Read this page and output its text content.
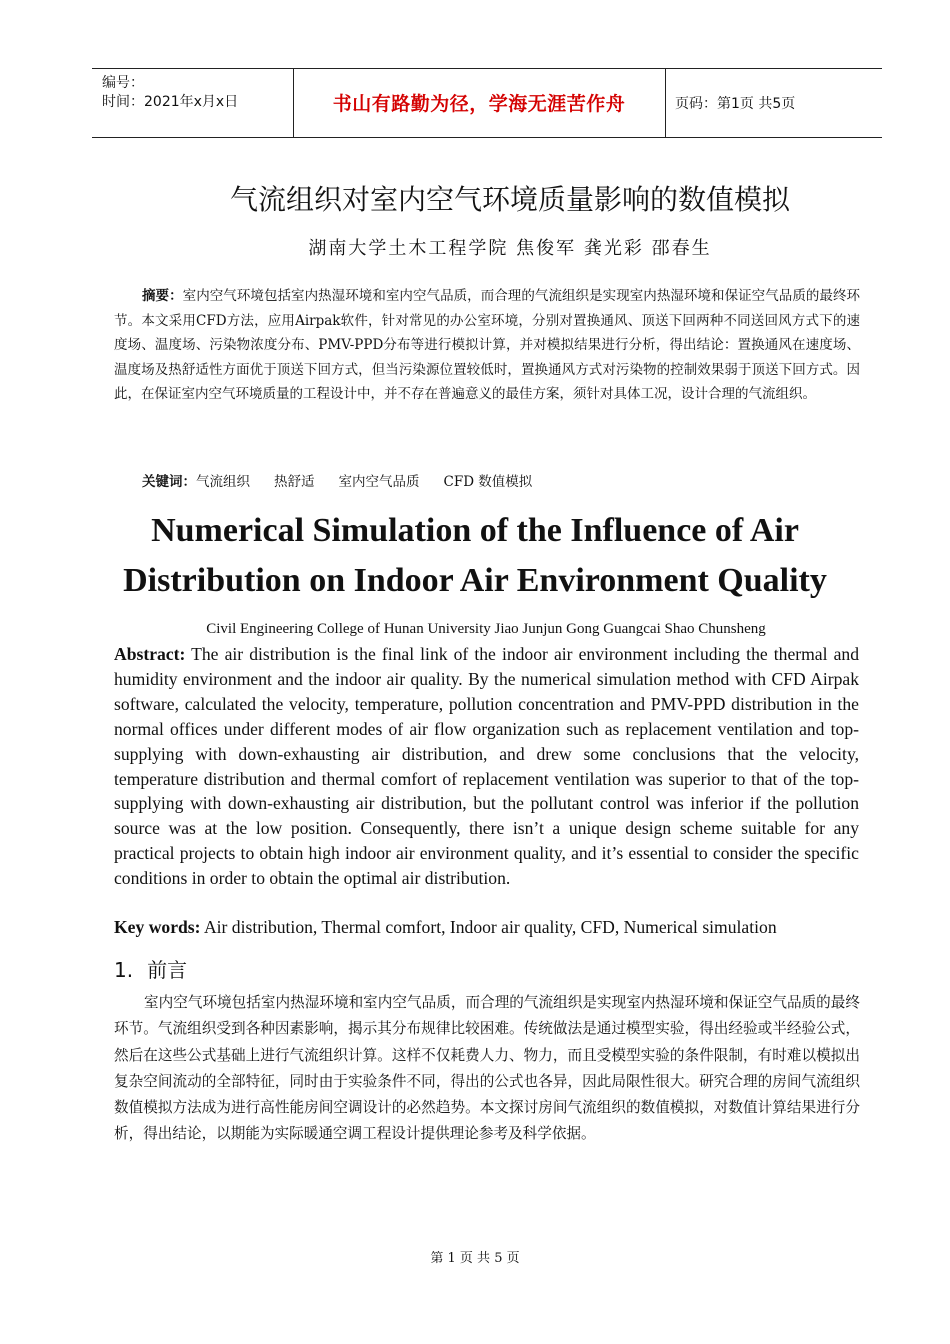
编号：
时间：2021年x月x日	书山有路勤为径，学海无涯苦作舟	页码：第1页 共5页
气流组织对室内空气环境质量影响的数值模拟
湖南大学土木工程学院 焦俊军 龚光彩 邵春生
摘要：室内空气环境包括室内热湿环境和室内空气品质，而合理的气流组织是实现室内热湿环境和保证空气品质的最终环节。本文采用CFD方法，应用Airpak软件，针对常见的办公室环境，分别对置换通风、顶送下回两种不同送回风方式下的速度场、温度场、污染物浓度分布、PMV-PPD分布等进行模拟计算，并对模拟结果进行分析，得出结论：置换通风在速度场、温度场及热舒适性方面优于顶送下回方式，但当污染源位置较低时，置换通风方式对污染物的控制效果弱于顶送下回方式。因此，在保证室内空气环境质量的工程设计中，并不存在普遍意义的最佳方案，须针对具体工况，设计合理的气流组织。
关键词：气流组织 热舒适 室内空气品质 CFD 数值模拟
Numerical Simulation of the Influence of Air Distribution on Indoor Air Environment Quality
Civil Engineering College of Hunan University Jiao Junjun Gong Guangcai Shao Chunsheng
Abstract: The air distribution is the final link of the indoor air environment including the thermal and humidity environment and the indoor air quality. By the numerical simulation method with CFD Airpak software, calculated the velocity, temperature, pollution concentration and PMV-PPD distribution in the normal offices under different modes of air flow organization such as replacement ventilation and top-supplying with down-exhausting air distribution, and drew some conclusions that the velocity, temperature distribution and thermal comfort of replacement ventilation was superior to that of the top-supplying with down-exhausting air distribution, but the pollutant control was inferior if the pollution source was at the low position. Consequently, there isn’t a unique design scheme suitable for any practical projects to obtain high indoor air environment quality, and it’s essential to consider the specific conditions in order to obtain the optimal air distribution.
Key words: Air distribution, Thermal comfort, Indoor air quality, CFD, Numerical simulation
1. 前言
室内空气环境包括室内热湿环境和室内空气品质，而合理的气流组织是实现室内热湿环境和保证空气品质的最终环节。气流组织受到各种因素影响，揭示其分布规律比较困难。传统做法是通过模型实验，得出经验或半经验公式，然后在这些公式基础上进行气流组织计算。这样不仅耗费人力、物力，而且受模型实验的条件限制，有时难以模拟出复杂空间流动的全部特征，同时由于实验条件不同，得出的公式也各异，因此局限性很大。研究合理的房间气流组织数值模拟方法成为进行高性能房间空调设计的必然趋势。本文探讨房间气流组织的数值模拟，对数值计算结果进行分析，得出结论，以期能为实际暖通空调工程设计提供理论参考及科学依据。
第 1 页 共 5 页
